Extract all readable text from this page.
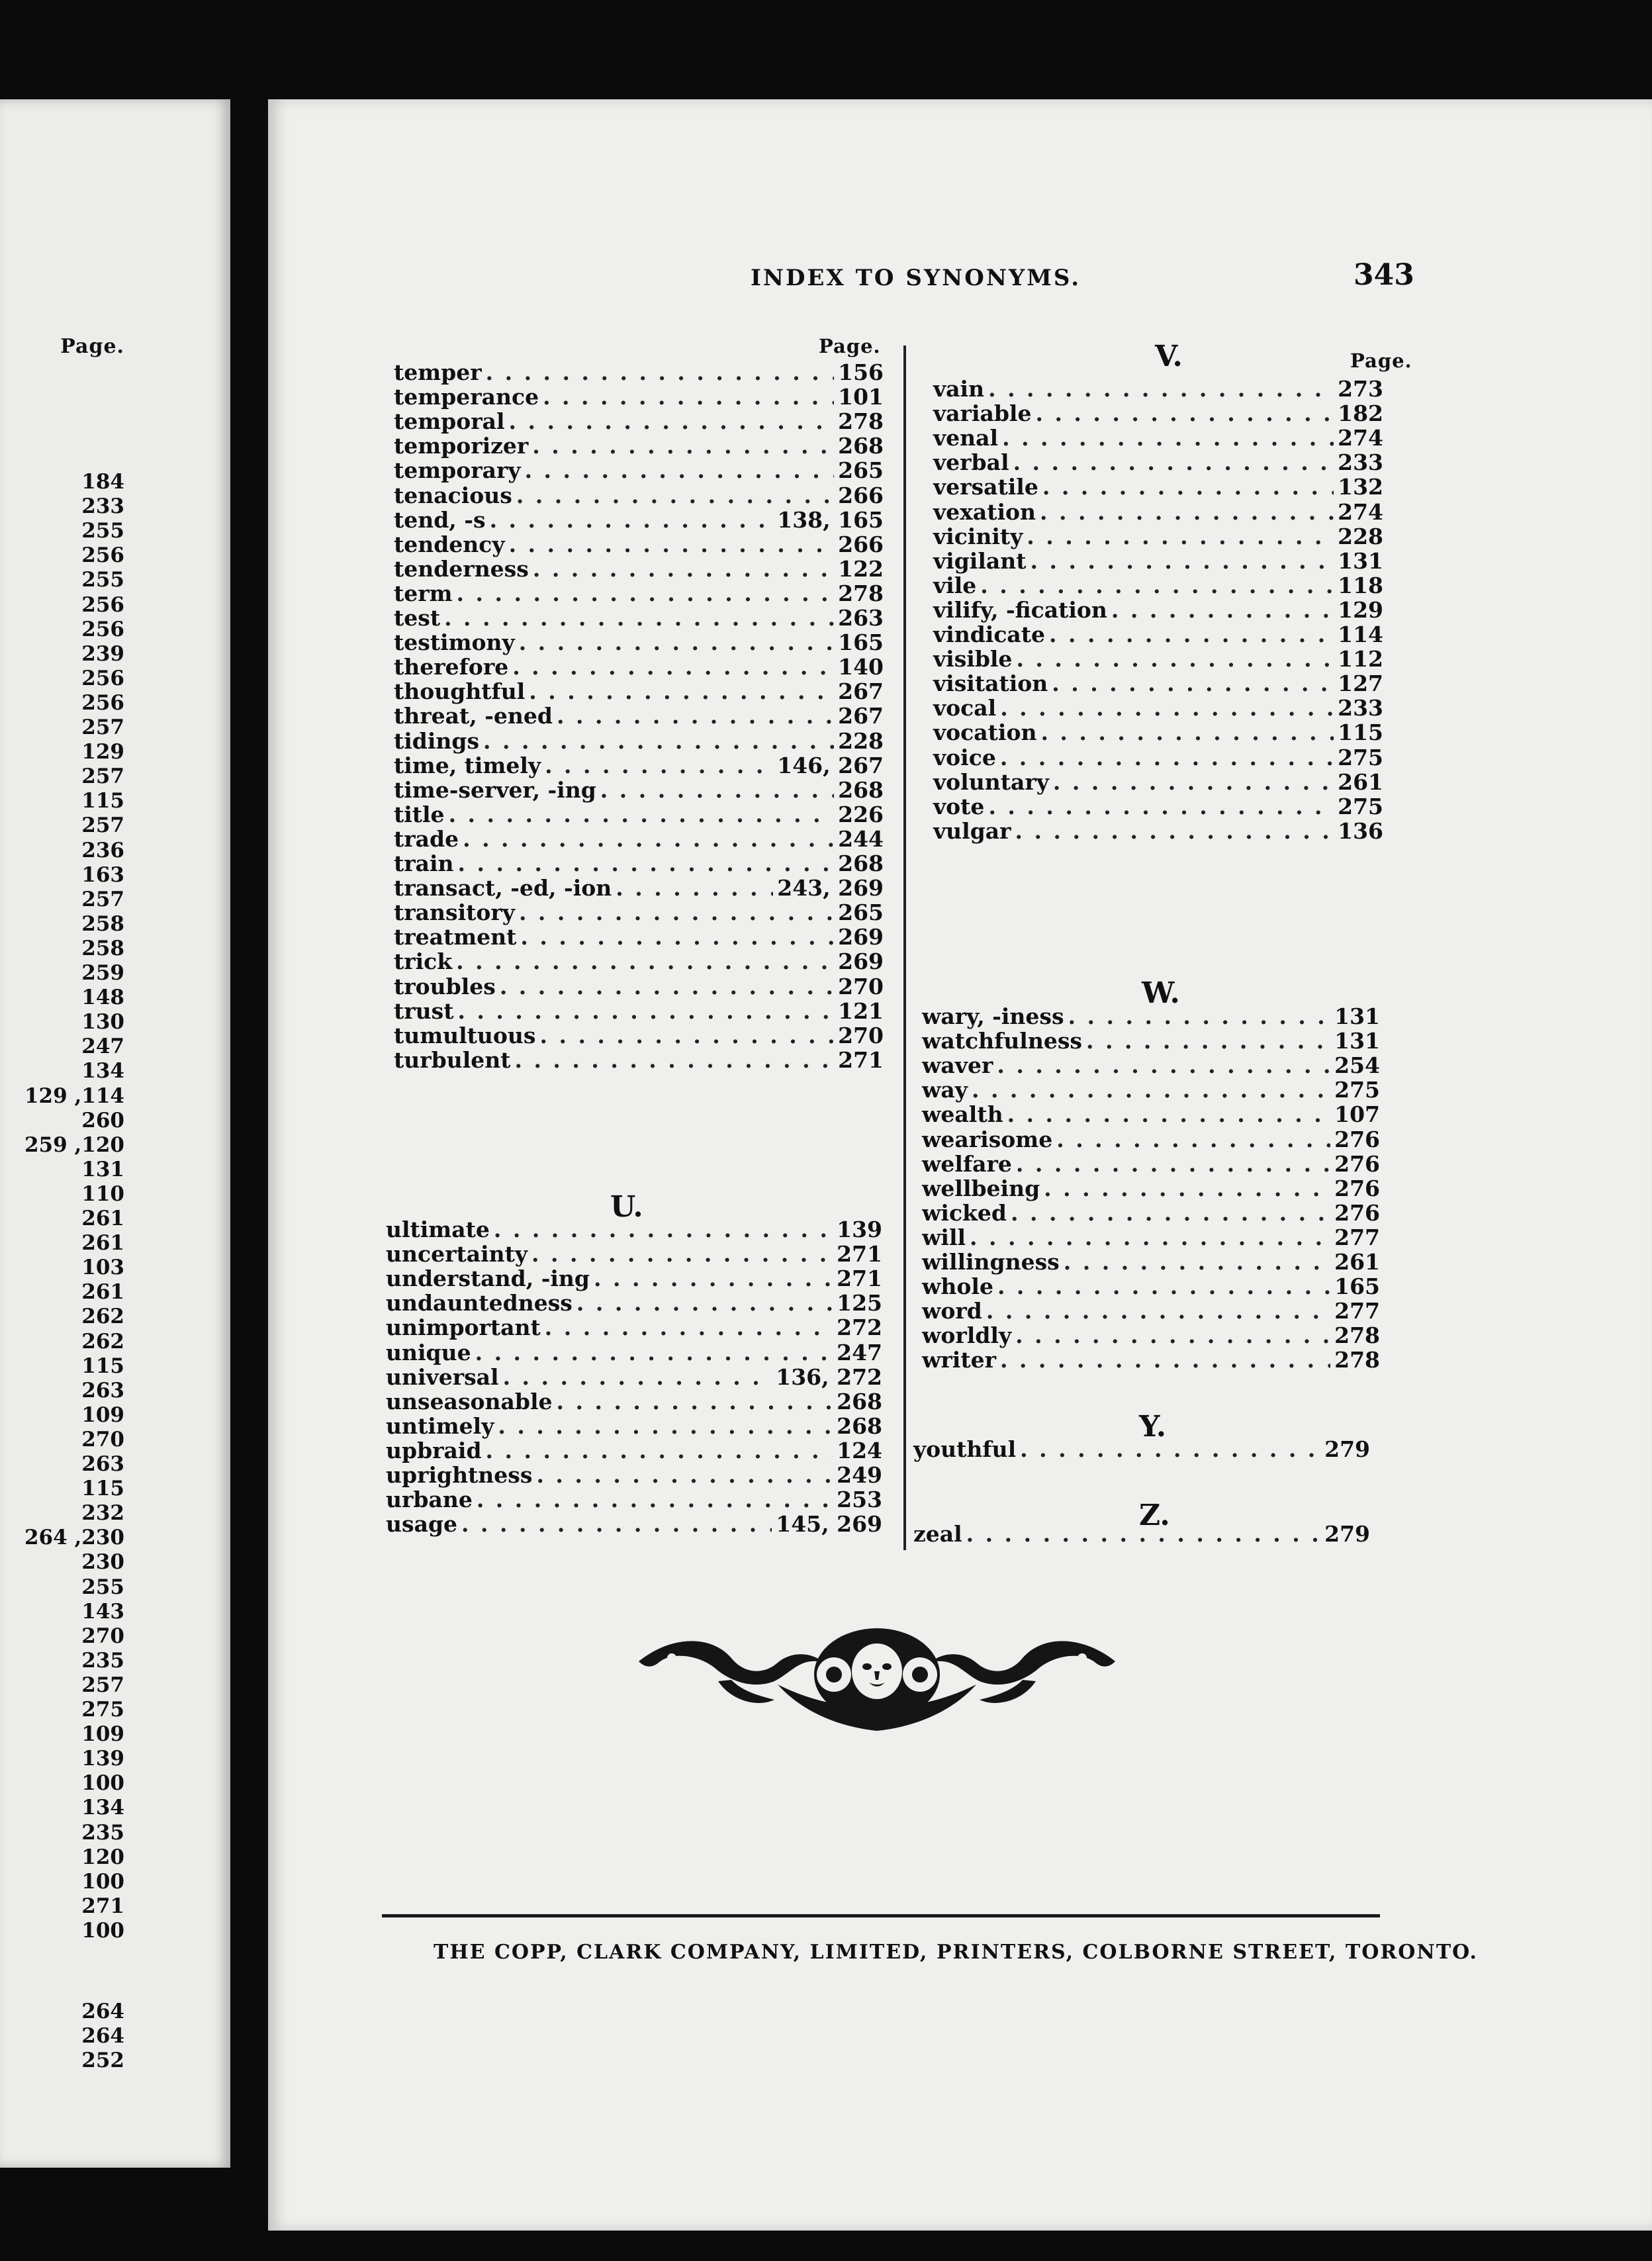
Page.
184
233
255
256
255
256
256
239
256
256
257
129
257
115
257
236
163
257
258
258
259
148
130
247
134
114, 129
260
120, 259
131
110
261
261
103
261
262
262
115
263
109
270
263
115
232
230, 264
230
255
143
270
235
257
275
109
139
100
134
235
120
100
271
100
264
264
252
INDEX TO SYNONYMS.	343
Page.	V.	Page.
U.
W.
Y.
Z.
temper . . .	156
temperance . . .	101
temporal . . .	278
temporizer . . .	268
temporary . . .	265
tenacious . . .	266
tend, -s . . .	138, 165
tendency . . .	266
tenderness . . .	122
term . . .	278
test . . .	263
testimony . . .	165
therefore . . .	140
thoughtful . . .	267
threat, -ened . . .	267
tidings . . .	228
time, timely . . .	146, 267
time-server, -ing . . .	268
title . . .	226
trade . . .	244
train . . .	268
transact, -ed, -ion . . .	243, 269
transitory . . .	265
treatment . . .	269
trick . . .	269
troubles . . .	270
trust . . .	121
tumultuous . . .	270
turbulent . . .	271
ultimate . . .	139
uncertainty . . .	271
understand, -ing . . .	271
undauntedness . . .	125
unimportant . . .	272
unique . . .	247
universal . . .	136, 272
unseasonable . . .	268
untimely . . .	268
upbraid . . .	124
uprightness . . .	249
urbane . . .	253
usage . . .	145, 269
vain . . .	273
variable . . .	182
venal . . .	274
verbal . . .	233
versatile . . .	132
vexation . . .	274
vicinity . . .	228
vigilant . . .	131
vile . . .	118
vilify, -fication . . .	129
vindicate . . .	114
visible . . .	112
visitation . . .	127
vocal . . .	233
vocation . . .	115
voice . . .	275
voluntary . . .	261
vote . . .	275
vulgar . . .	136
wary, -iness . . .	131
watchfulness . . .	131
waver . . .	254
way . . .	275
wealth . . .	107
wearisome . . .	276
welfare . . .	276
wellbeing . . .	276
wicked . . .	276
will . . .	277
willingness . . .	261
whole . . .	165
word . . .	277
worldly . . .	278
writer . . .	278
youthful . . .	279
zeal . . .	279
THE COPP, CLARK COMPANY, LIMITED, PRINTERS, COLBORNE STREET, TORONTO.
